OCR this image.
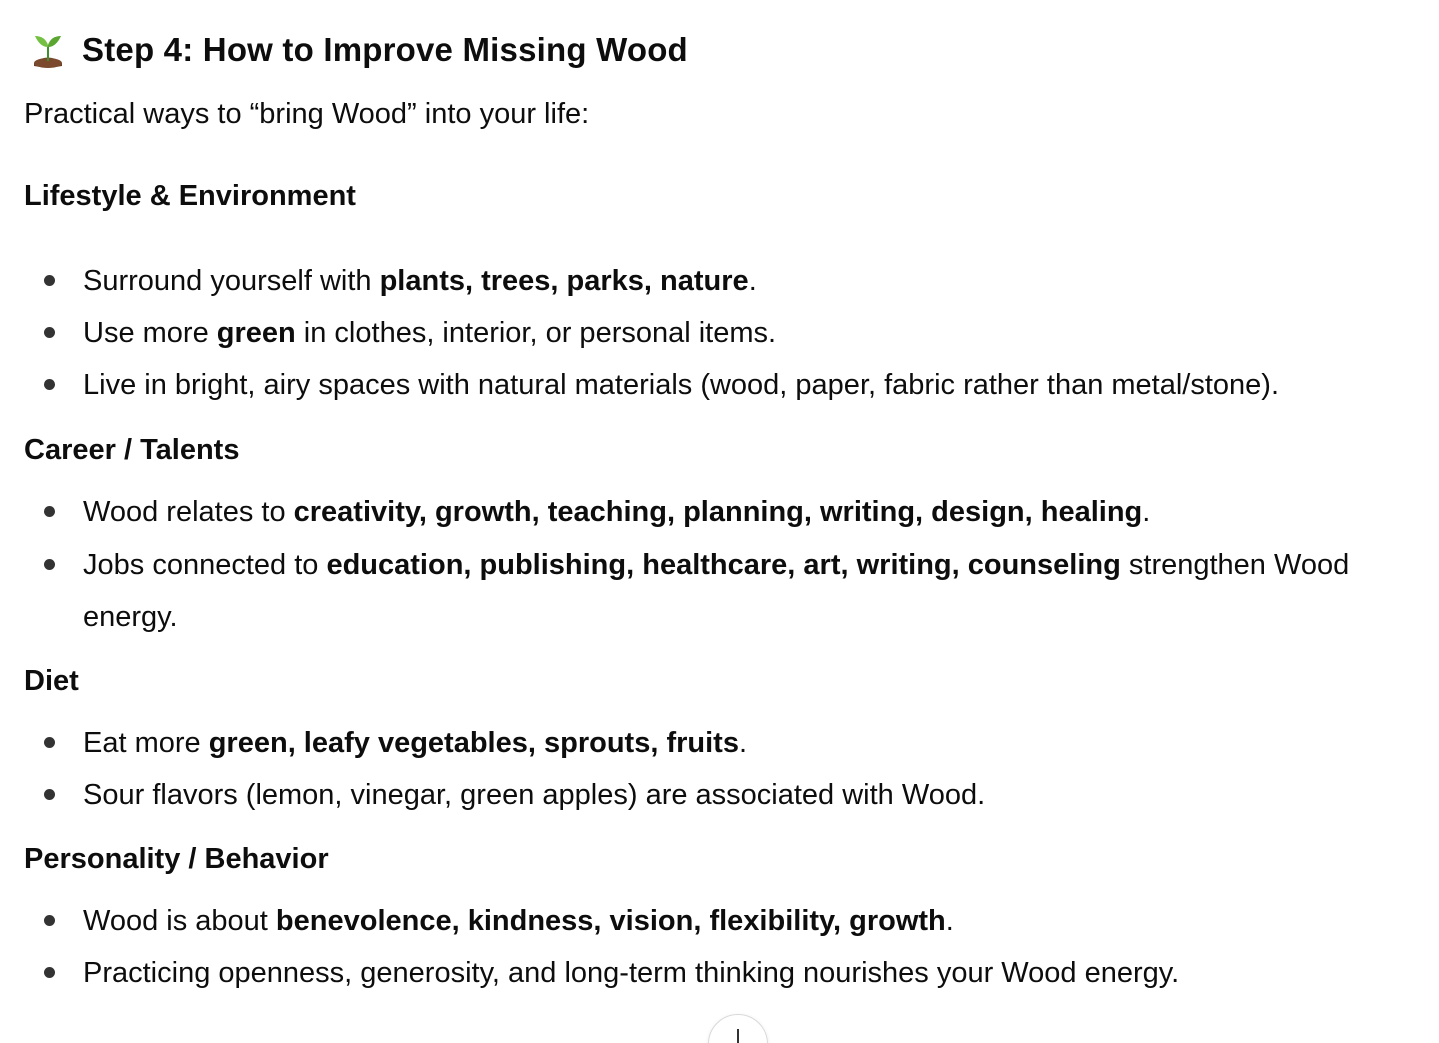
Step 4: How to Improve Missing Wood
Practical ways to “bring Wood” into your life:
Lifestyle & Environment
Surround yourself with plants, trees, parks, nature.
Use more green in clothes, interior, or personal items.
Live in bright, airy spaces with natural materials (wood, paper, fabric rather than metal/stone).
Career / Talents
Wood relates to creativity, growth, teaching, planning, writing, design, healing.
Jobs connected to education, publishing, healthcare, art, writing, counseling strengthen Wood energy.
Diet
Eat more green, leafy vegetables, sprouts, fruits.
Sour flavors (lemon, vinegar, green apples) are associated with Wood.
Personality / Behavior
Wood is about benevolence, kindness, vision, flexibility, growth.
Practicing openness, generosity, and long-term thinking nourishes your Wood energy.
